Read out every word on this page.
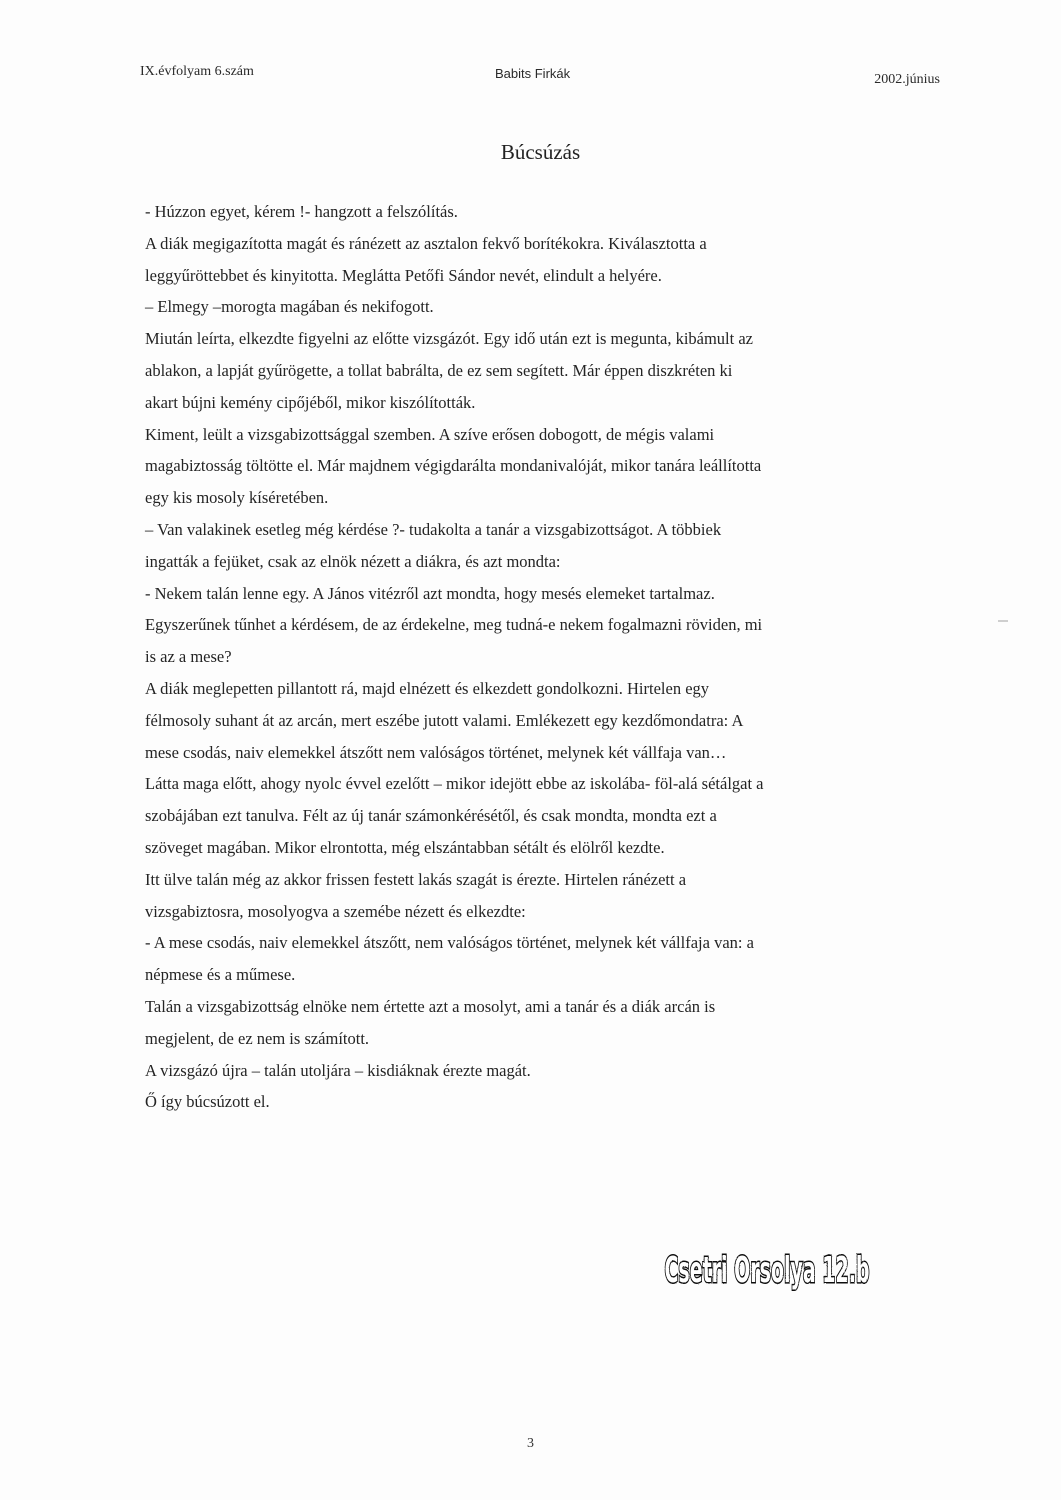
IX.évfolyam 6.szám	Babits Firkák	2002.június
Búcsúzás
- Húzzon egyet, kérem !- hangzott a felszólítás.
A diák megigazította magát és ránézett az asztalon fekvő borítékokra. Kiválasztotta a
leggyűröttebbet és kinyitotta. Meglátta Petőfi Sándor nevét, elindult a helyére.
– Elmegy –morogta magában és nekifogott.
Miután leírta, elkezdte figyelni az előtte vizsgázót. Egy idő után ezt is megunta, kibámult az
ablakon, a lapját gyűrögette, a tollat babrálta, de ez sem segített. Már éppen diszkréten ki
akart bújni kemény cipőjéből, mikor kiszólították.
Kiment, leült a vizsgabizottsággal szemben. A szíve erősen dobogott, de mégis valami
magabiztosság töltötte el. Már majdnem végigdarálta mondanivalóját, mikor tanára leállította
egy kis mosoly kíséretében.
– Van valakinek esetleg még kérdése ?- tudakolta a tanár a vizsgabizottságot. A többiek
ingatták a fejüket, csak az elnök nézett a diákra, és azt mondta:
- Nekem talán lenne egy. A János vitézről azt mondta, hogy mesés elemeket tartalmaz.
Egyszerűnek tűnhet a kérdésem, de az érdekelne, meg tudná-e nekem fogalmazni röviden, mi
is az a mese?
A diák meglepetten pillantott rá, majd elnézett és elkezdett gondolkozni. Hirtelen egy
félmosoly suhant át az arcán, mert eszébe jutott valami. Emlékezett egy kezdőmondatra: A
mese csodás, naiv elemekkel átszőtt nem valóságos történet, melynek két vállfaja van…
Látta maga előtt, ahogy nyolc évvel ezelőtt – mikor idejött ebbe az iskolába- föl-alá sétálgat a
szobájában ezt tanulva. Félt az új tanár számonkérésétől, és csak mondta, mondta ezt a
szöveget magában. Mikor elrontotta, még elszántabban sétált és elölről kezdte.
Itt ülve talán még az akkor frissen festett lakás szagát is érezte. Hirtelen ránézett a
vizsgabiztosra, mosolyogva a szemébe nézett és elkezdte:
- A mese csodás, naiv elemekkel átszőtt, nem valóságos történet, melynek két vállfaja van: a
népmese és a műmese.
Talán a vizsgabizottság elnöke nem értette azt a mosolyt, ami a tanár és a diák arcán is
megjelent, de ez nem is számított.
A vizsgázó újra – talán utoljára – kisdiáknak érezte magát.
Ő így búcsúzott el.
Csetri Orsolya 12.b
3
